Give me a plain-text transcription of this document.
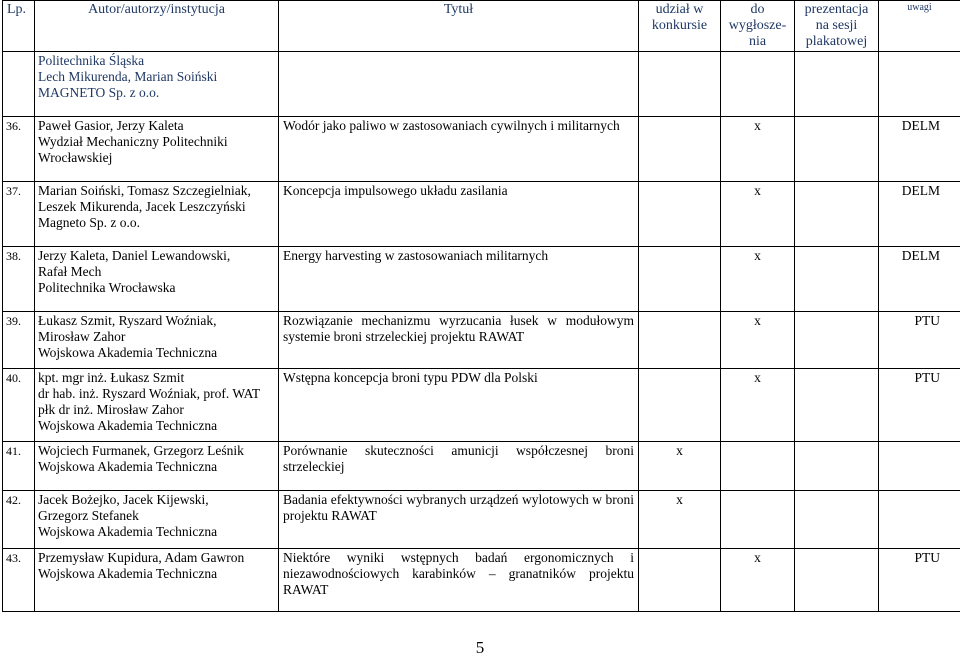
Lp.	Autor/autorzy/instytucja	Tytuł	udział w konkursie	do wygłosze-nia	prezentacja na sesji plakatowej	uwagi

	Politechnika Śląska
Lech Mikurenda, Marian Soiński
MAGNETO Sp. z o.o.					

36.	Paweł Gasior, Jerzy Kaleta
Wydział Mechaniczny Politechniki
Wrocławskiej	Wodór jako paliwo w zastosowaniach cywilnych i militarnych		x		DELM
37.	Marian Soiński, Tomasz Szczegielniak,
Leszek Mikurenda, Jacek Leszczyński
Magneto Sp. z o.o.	Koncepcja impulsowego układu zasilania		x		DELM
38.	Jerzy Kaleta, Daniel Lewandowski,
Rafał Mech
Politechnika Wrocławska	Energy harvesting w zastosowaniach militarnych		x		DELM
39.	Łukasz Szmit, Ryszard Woźniak,
Mirosław Zahor
Wojskowa Akademia Techniczna	Rozwiązanie mechanizmu wyrzucania łusek w modułowym systemie broni strzeleckiej projektu RAWAT		x		PTU
40.	kpt. mgr inż. Łukasz Szmit
dr hab. inż. Ryszard Woźniak, prof. WAT
płk dr inż. Mirosław Zahor
Wojskowa Akademia Techniczna	Wstępna koncepcja broni typu PDW dla Polski		x		PTU
41.	Wojciech Furmanek, Grzegorz Leśnik
Wojskowa Akademia Techniczna	Porównanie skuteczności amunicji współczesnej broni strzeleckiej	x			
42.	Jacek Bożejko, Jacek Kijewski,
Grzegorz Stefanek
Wojskowa Akademia Techniczna	Badania efektywności wybranych urządzeń wylotowych w broni projektu RAWAT	x			
43.	Przemysław Kupidura, Adam Gawron
Wojskowa Akademia Techniczna	Niektóre wyniki wstępnych badań ergonomicznych i niezawodnościowych karabinków – granatników projektu RAWAT		x		PTU
5
